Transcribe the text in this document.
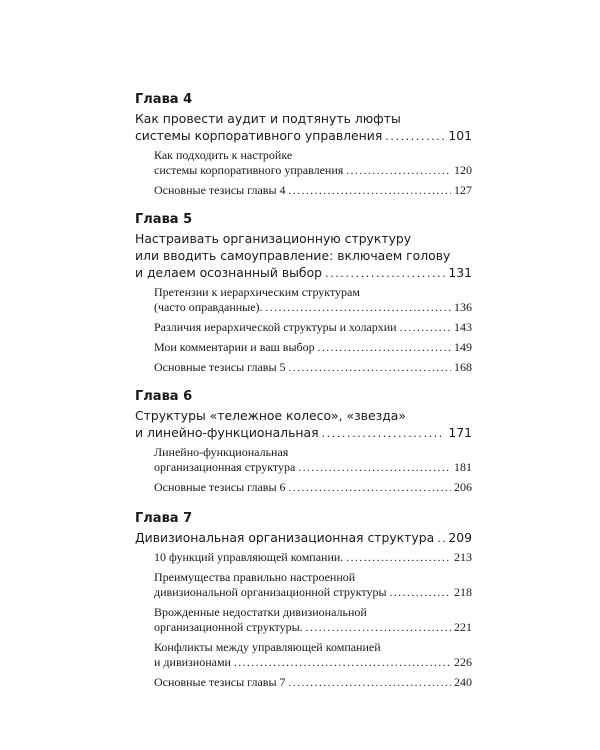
Глава 4
Как провести аудит и подтянуть люфты
системы корпоративного управления .....	101
Как подходить к настройке
системы корпоративного управления .....	120
Основные тезисы главы 4 .....	127
Глава 5
Настраивать организационную структуру
или вводить самоуправление: включаем голову
и делаем осознанный выбор .....	131
Претензии к иерархическим структурам
(часто оправданные). .....	136
Различия иерархической структуры и холархии .....	143
Мои комментарии и ваш выбор .....	149
Основные тезисы главы 5 .....	168
Глава 6
Структуры «тележное колесо», «звезда»
и линейно-функциональная .....	171
Линейно-функциональная
организационная структура .....	181
Основные тезисы главы 6 .....	206
Глава 7
Дивизиональная организационная структура ..... 209
10 функций управляющей компании. .....	213
Преимущества правильно настроенной
дивизиональной организационной структуры .....	218
Врожденные недостатки дивизиональной
организационной структуры. .....	221
Конфликты между управляющей компанией
и дивизионами .....	226
Основные тезисы главы 7 .....	240
